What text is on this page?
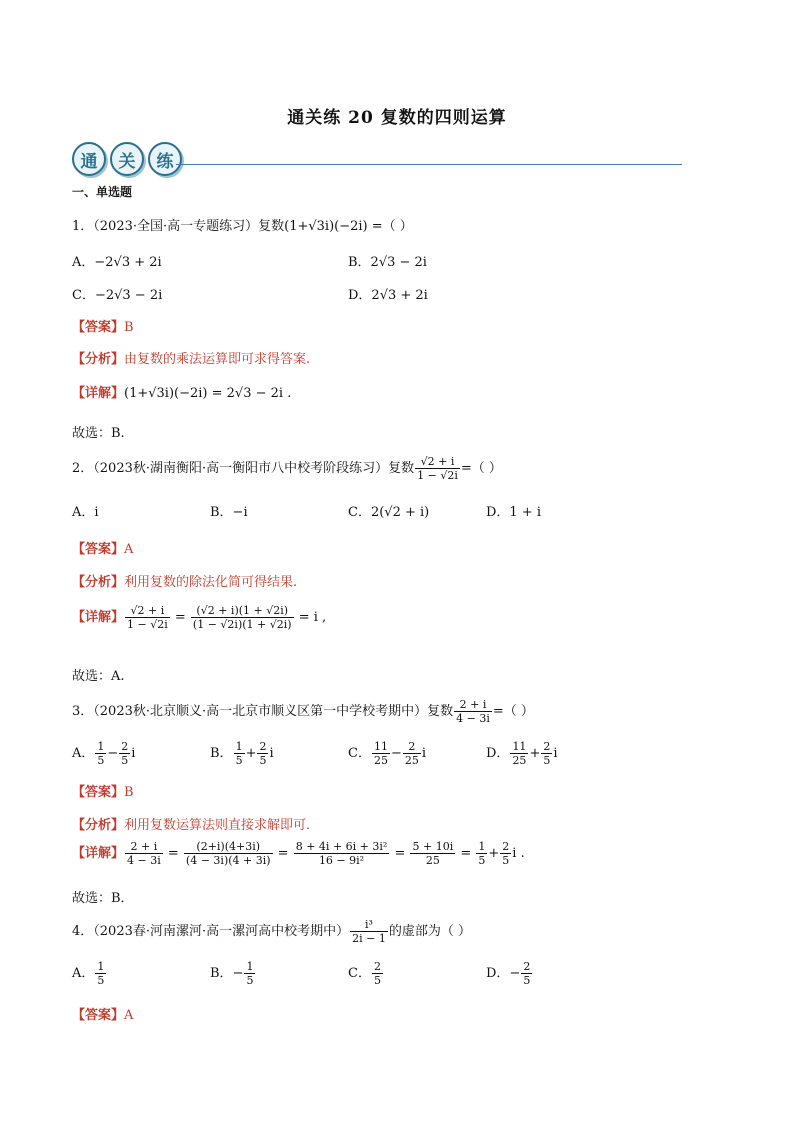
通关练 20 复数的四则运算
通	关	练
一、单选题
1．（2023·全国·高一专题练习）复数(1+√3i)(−2i) =（ ）
A．−2√3 + 2i	B．2√3 − 2i
C．−2√3 − 2i	D．2√3 + 2i
【答案】B
【分析】由复数的乘法运算即可求得答案.
【详解】(1+√3i)(−2i) = 2√3 − 2i .
故选：B.
2．（2023秋·湖南衡阳·高一衡阳市八中校考阶段练习）复数 $\frac{√2 + i}{1 - √2i}$ =（ ）
A．i	B．−i	C．2(√2 + i)	D．1 + i
【答案】A
【分析】利用复数的除法化简可得结果.
【详解】 $\frac{√2 + i}{1 - √2i} = \frac{(√2 + i)(1 + √2i)}{(1 - √2i)(1 + √2i)} = i$ ,
故选：A.
3．（2023秋·北京顺义·高一北京市顺义区第一中学校考期中）复数 $\frac{2 + i}{4 - 3i}$ =（ ）
A． $\frac{1}{5} - \frac{2}{5}$ i	B． $\frac{1}{5} + \frac{2}{5}$ i	C． $\frac{11}{25} - \frac{2}{25}$ i	D． $\frac{11}{25} + \frac{2}{5}$ i
【答案】B
【分析】利用复数运算法则直接求解即可．
【详解】 $\frac{2 + i}{4 - 3i} = \frac{(2+i)(4+3i)}{(4 - 3i)(4 + 3i)} = \frac{\text{8 + 4i + 6i + 3i²}}{\text{16 − 9i²}} = \frac{5 + 10i}{25} = \frac{1}{5} + \frac{2}{5}$ i .
故选：B．
4．（2023春·河南漯河·高一漯河高中校考期中） $\frac{\text{i³}}{2i - 1}$ 的虚部为（ ）
A． $\frac{1}{5}$	B．− $\frac{1}{5}$	C． $\frac{2}{5}$	D．− $\frac{2}{5}$
【答案】A
